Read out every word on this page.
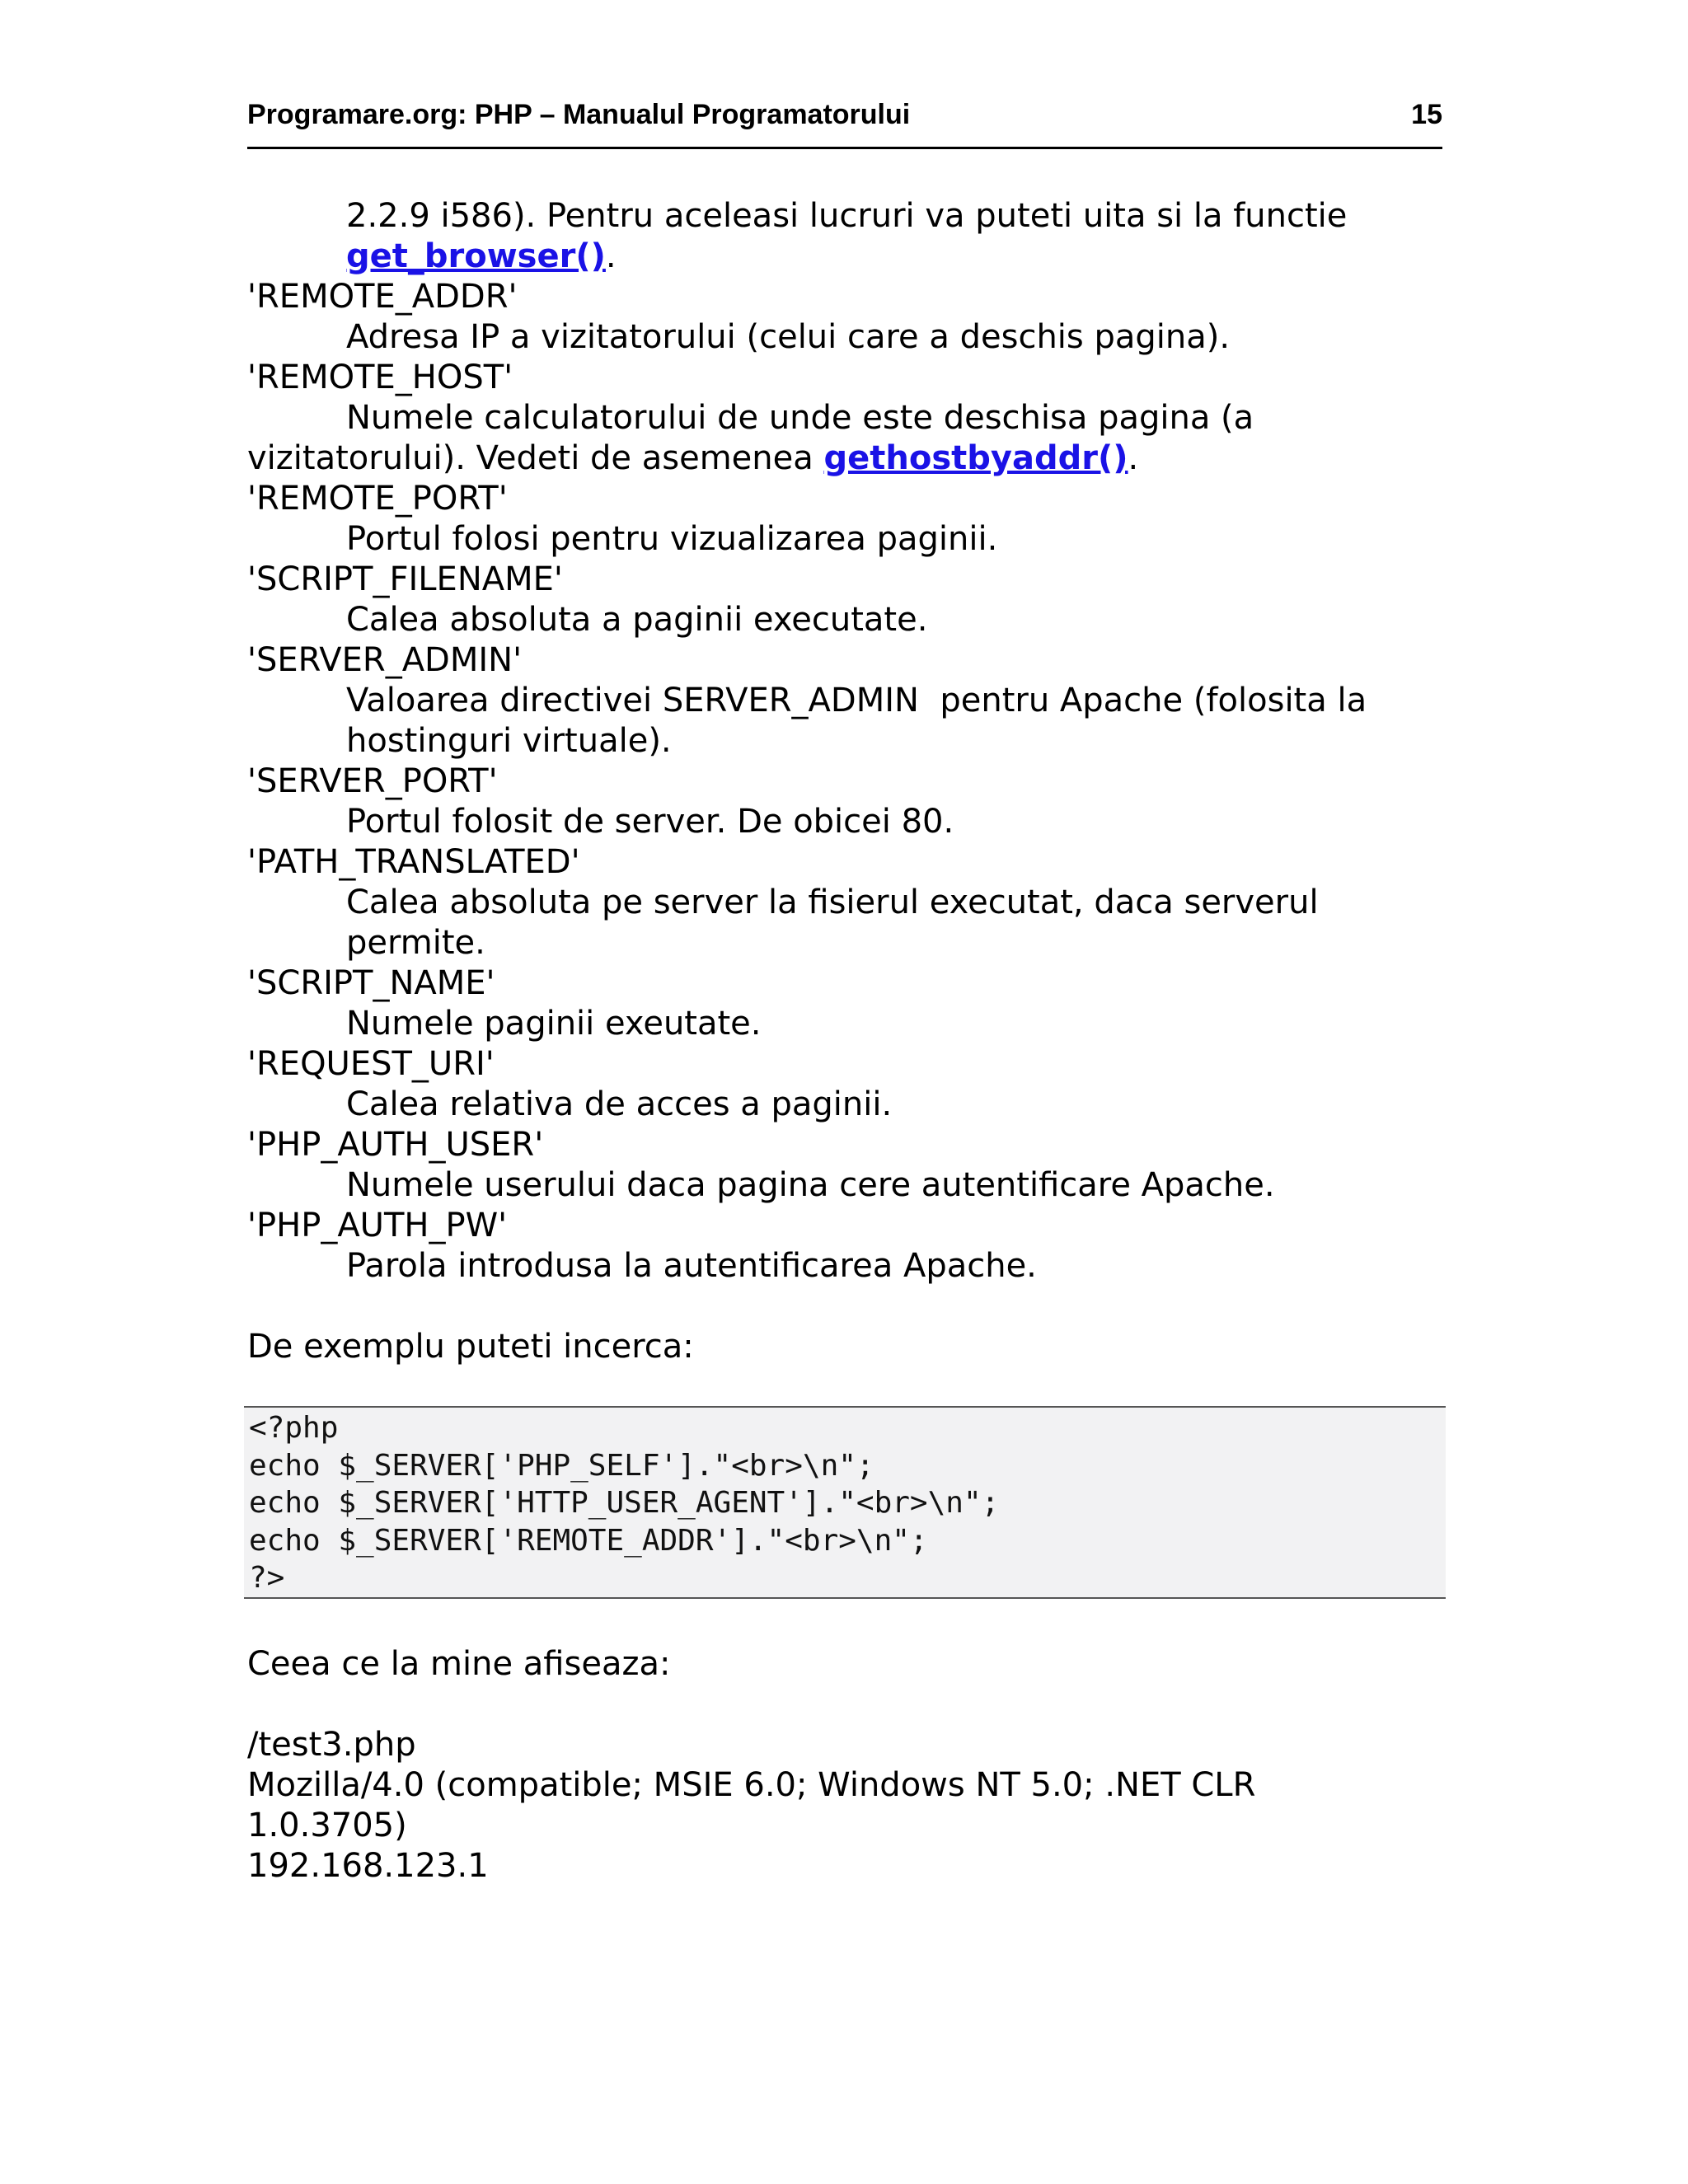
Programare.org: PHP – Manualul Programatorului	15
2.2.9 i586). Pentru aceleasi lucruri va puteti uita si la functie
get_browser().
'REMOTE_ADDR'
Adresa IP a vizitatorului (celui care a deschis pagina).
'REMOTE_HOST'
Numele calculatorului de unde este deschisa pagina (a
vizitatorului). Vedeti de asemenea gethostbyaddr().
'REMOTE_PORT'
Portul folosi pentru vizualizarea paginii.
'SCRIPT_FILENAME'
Calea absoluta a paginii executate.
'SERVER_ADMIN'
Valoarea directivei SERVER_ADMIN  pentru Apache (folosita la
hostinguri virtuale).
'SERVER_PORT'
Portul folosit de server. De obicei 80.
'PATH_TRANSLATED'
Calea absoluta pe server la fisierul executat, daca serverul
permite.
'SCRIPT_NAME'
Numele paginii exeutate.
'REQUEST_URI'
Calea relativa de acces a paginii.
'PHP_AUTH_USER'
Numele userului daca pagina cere autentificare Apache.
'PHP_AUTH_PW'
Parola introdusa la autentificarea Apache.
De exemplu puteti incerca:
<?php
echo $_SERVER['PHP_SELF']."<br>\n";
echo $_SERVER['HTTP_USER_AGENT']."<br>\n";
echo $_SERVER['REMOTE_ADDR']."<br>\n";
?>
Ceea ce la mine afiseaza:
/test3.php
Mozilla/4.0 (compatible; MSIE 6.0; Windows NT 5.0; .NET CLR
1.0.3705)
192.168.123.1
